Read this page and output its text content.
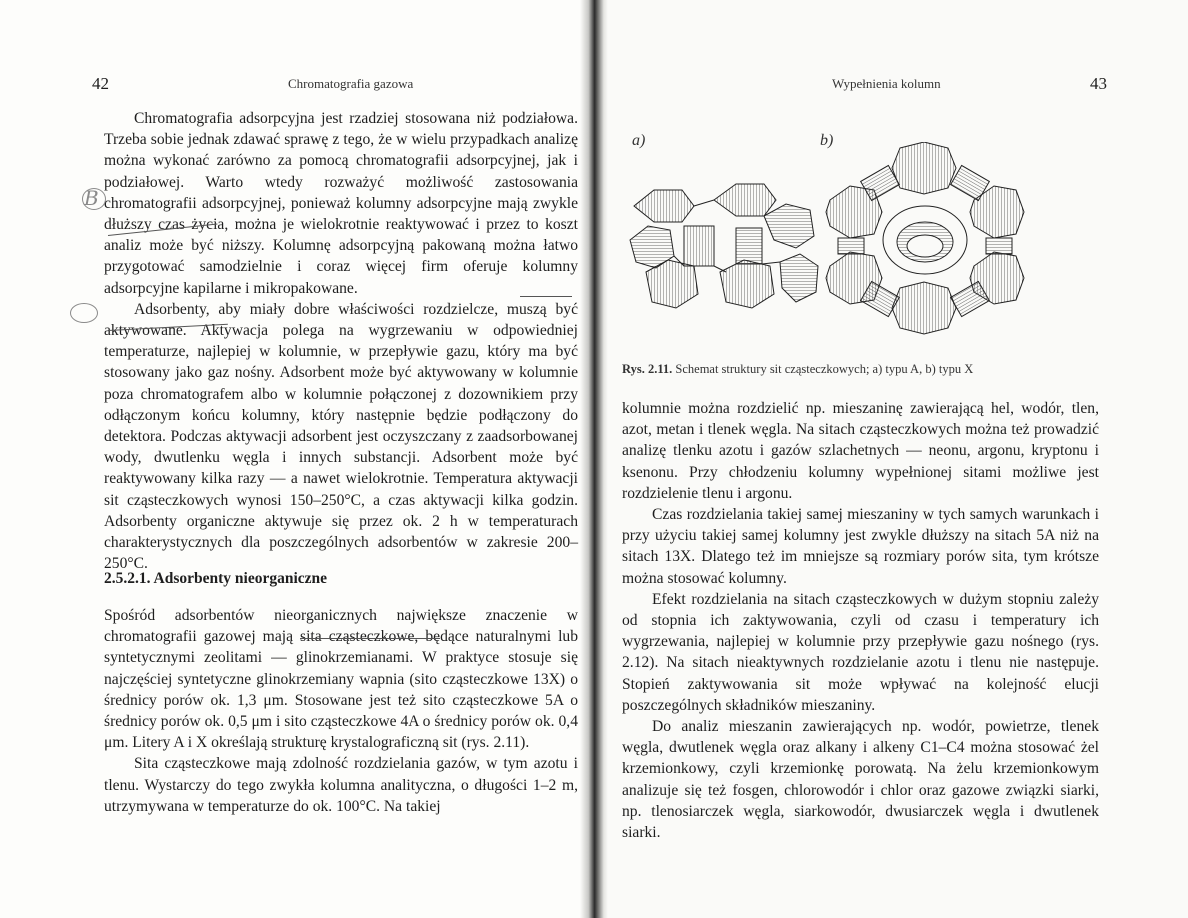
42	Chromatografia gazowa

Chromatografia adsorpcyjna jest rzadziej stosowana niż podziałowa. Trzeba sobie jednak zdawać sprawę z tego, że w wielu przypadkach analizę można wykonać zarówno za pomocą chromatografii adsorpcyjnej, jak i podziałowej. Warto wtedy rozważyć możliwość zastosowania chromatografii adsorpcyjnej, ponieważ kolumny adsorpcyjne mają zwykle dłuższy czas życia, można je wielokrotnie reaktywować i przez to koszt analiz może być niższy. Kolumnę adsorpcyjną pakowaną można łatwo przygotować samodzielnie i coraz więcej firm oferuje kolumny adsorpcyjne kapilarne i mikropakowane.

Adsorbenty, aby miały dobre właściwości rozdzielcze, muszą być aktywowane. Aktywacja polega na wygrzewaniu w odpowiedniej temperaturze, najlepiej w kolumnie, w przepływie gazu, który ma być stosowany jako gaz nośny. Adsorbent może być aktywowany w kolumnie poza chromatografem albo w kolumnie połączonej z dozownikiem przy odłączonym końcu kolumny, który następnie będzie podłączony do detektora. Podczas aktywacji adsorbent jest oczyszczany z zaadsorbowanej wody, dwutlenku węgla i innych substancji. Adsorbent może być reaktywowany kilka razy — a nawet wielokrotnie. Temperatura aktywacji sit cząsteczkowych wynosi 150–250°C, a czas aktywacji kilka godzin. Adsorbenty organiczne aktywuje się przez ok. 2 h w temperaturach charakterystycznych dla poszczególnych adsorbentów w zakresie 200–250°C.

2.5.2.1. Adsorbenty nieorganiczne

Spośród adsorbentów nieorganicznych największe znaczenie w chromatografii gazowej mają sita cząsteczkowe, będące naturalnymi lub syntetycznymi zeolitami — glinokrzemianami. W praktyce stosuje się najczęściej syntetyczne glinokrzemiany wapnia (sito cząsteczkowe 13X) o średnicy porów ok. 1,3 μm. Stosowane jest też sito cząsteczkowe 5A o średnicy porów ok. 0,5 μm i sito cząsteczkowe 4A o średnicy porów ok. 0,4 μm. Litery A i X określają strukturę krystalograficzną sit (rys. 2.11).

Sita cząsteczkowe mają zdolność rozdzielania gazów, w tym azotu i tlenu. Wystarczy do tego zwykła kolumna analityczna, o długości 1–2 m, utrzymywana w temperaturze do ok. 100°C. Na takiej

B
Wypełnienia kolumn	43
a)	b)
Rys. 2.11. Schemat struktury sit cząsteczkowych; a) typu A, b) typu X

kolumnie można rozdzielić np. mieszaninę zawierającą hel, wodór, tlen, azot, metan i tlenek węgla. Na sitach cząsteczkowych można też prowadzić analizę tlenku azotu i gazów szlachetnych — neonu, argonu, kryptonu i ksenonu. Przy chłodzeniu kolumny wypełnionej sitami możliwe jest rozdzielenie tlenu i argonu.

Czas rozdzielania takiej samej mieszaniny w tych samych warunkach i przy użyciu takiej samej kolumny jest zwykle dłuższy na sitach 5A niż na sitach 13X. Dlatego też im mniejsze są rozmiary porów sita, tym krótsze można stosować kolumny.

Efekt rozdzielania na sitach cząsteczkowych w dużym stopniu zależy od stopnia ich zaktywowania, czyli od czasu i temperatury ich wygrzewania, najlepiej w kolumnie przy przepływie gazu nośnego (rys. 2.12). Na sitach nieaktywnych rozdzielanie azotu i tlenu nie następuje. Stopień zaktywowania sit może wpływać na kolejność elucji poszczególnych składników mieszaniny.

Do analiz mieszanin zawierających np. wodór, powietrze, tlenek węgla, dwutlenek węgla oraz alkany i alkeny C1–C4 można stosować żel krzemionkowy, czyli krzemionkę porowatą. Na żelu krzemionkowym analizuje się też fosgen, chlorowodór i chlor oraz gazowe związki siarki, np. tlenosiarczek węgla, siarkowodór, dwusiarczek węgla i dwutlenek siarki.
